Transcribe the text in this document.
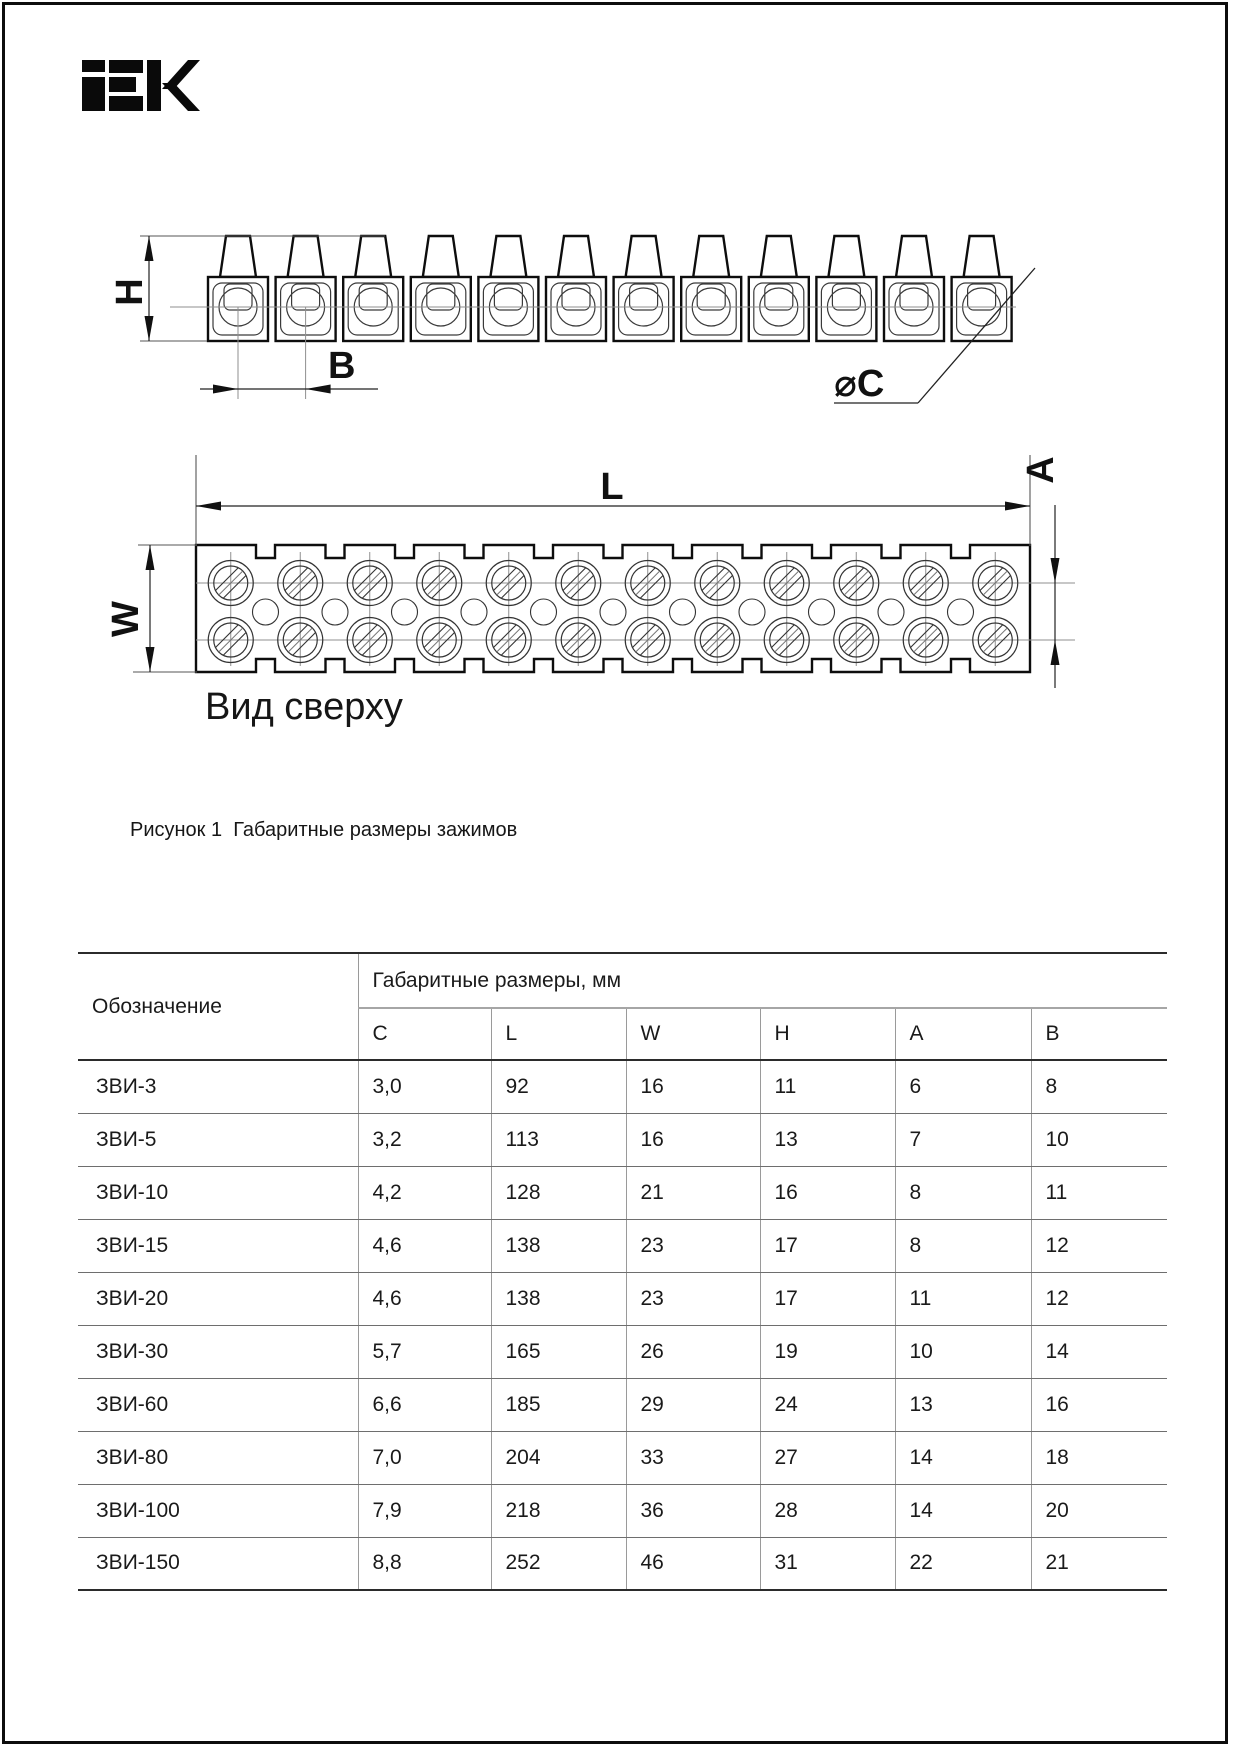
H
B	⌀C
L
W
A
Вид сверху
Рисунок 1  Габаритные размеры зажимов
Обозначение	Габаритные размеры, мм					
	C	L	W	H	A	B
ЗВИ-3	3,0	92	16	11	6	8
ЗВИ-5	3,2	113	16	13	7	10
ЗВИ-10	4,2	128	21	16	8	11
ЗВИ-15	4,6	138	23	17	8	12
ЗВИ-20	4,6	138	23	17	11	12
ЗВИ-30	5,7	165	26	19	10	14
ЗВИ-60	6,6	185	29	24	13	16
ЗВИ-80	7,0	204	33	27	14	18
ЗВИ-100	7,9	218	36	28	14	20
ЗВИ-150	8,8	252	46	31	22	21
